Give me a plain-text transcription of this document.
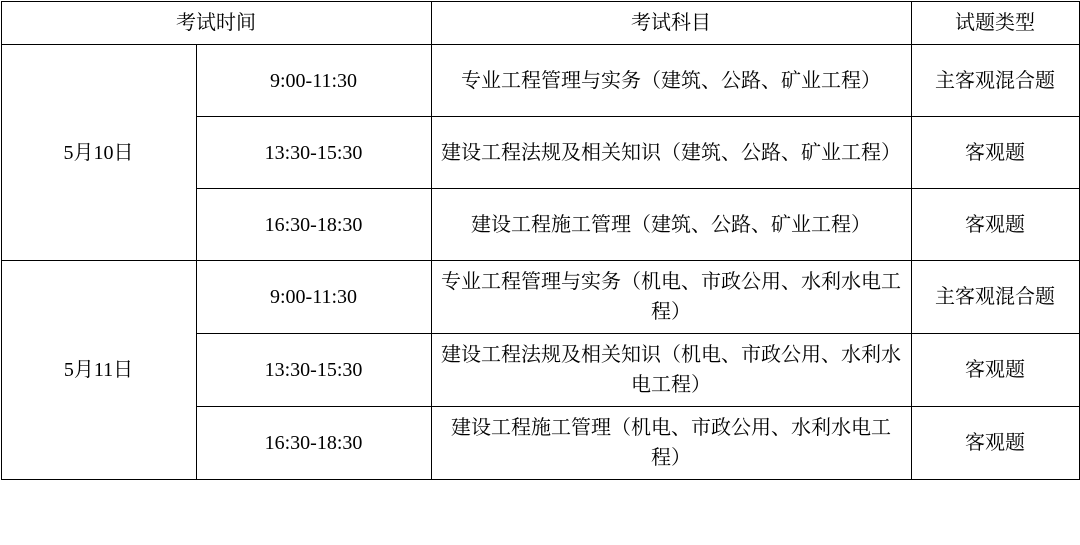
考试时间		考试科目	试题类型
5月10日	9:00-11:30	专业工程管理与实务（建筑、公路、矿业工程）	主客观混合题
	13:30-15:30	建设工程法规及相关知识（建筑、公路、矿业工程）	客观题
	16:30-18:30	建设工程施工管理（建筑、公路、矿业工程）	客观题
5月11日	9:00-11:30	专业工程管理与实务（机电、市政公用、水利水电工程）	主客观混合题
	13:30-15:30	建设工程法规及相关知识（机电、市政公用、水利水电工程）	客观题
	16:30-18:30	建设工程施工管理（机电、市政公用、水利水电工程）	客观题
